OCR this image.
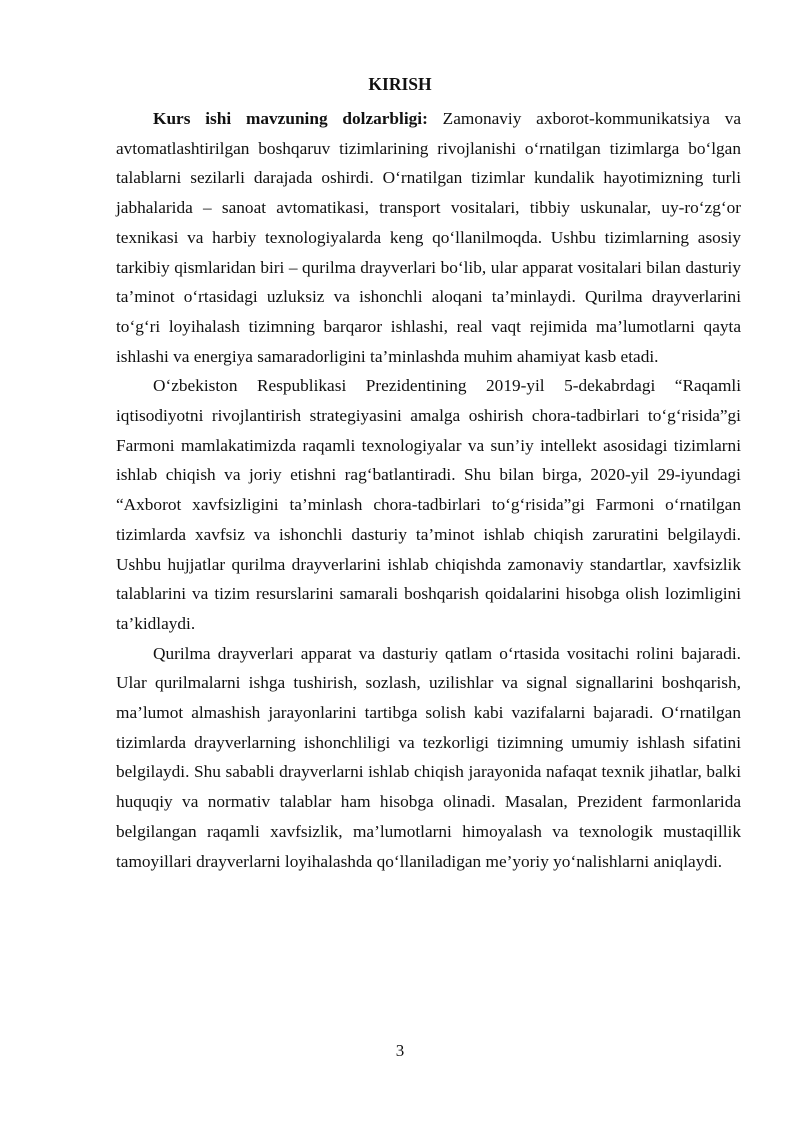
KIRISH

Kurs ishi mavzuning dolzarbligi: Zamonaviy axborot-kommunikatsiya va avtomatlashtirilgan boshqaruv tizimlarining rivojlanishi o‘rnatilgan tizimlarga bo‘lgan talablarni sezilarli darajada oshirdi. O‘rnatilgan tizimlar kundalik hayotimizning turli jabhalarida – sanoat avtomatikasi, transport vositalari, tibbiy uskunalar, uy-ro‘zg‘or texnikasi va harbiy texnologiyalarda keng qo‘llanilmoqda. Ushbu tizimlarning asosiy tarkibiy qismlaridan biri – qurilma drayverlari bo‘lib, ular apparat vositalari bilan dasturiy ta’minot o‘rtasidagi uzluksiz va ishonchli aloqani ta’minlaydi. Qurilma drayverlarini to‘g‘ri loyihalash tizimning barqaror ishlashi, real vaqt rejimida ma’lumotlarni qayta ishlashi va energiya samaradorligini ta’minlashda muhim ahamiyat kasb etadi.

O‘zbekiston Respublikasi Prezidentining 2019-yil 5-dekabrdagi “Raqamli iqtisodiyotni rivojlantirish strategiyasini amalga oshirish chora-tadbirlari to‘g‘risida”gi Farmoni mamlakatimizda raqamli texnologiyalar va sun’iy intellekt asosidagi tizimlarni ishlab chiqish va joriy etishni rag‘batlantiradi. Shu bilan birga, 2020-yil 29-iyundagi “Axborot xavfsizligini ta’minlash chora-tadbirlari to‘g‘risida”gi Farmoni o‘rnatilgan tizimlarda xavfsiz va ishonchli dasturiy ta’minot ishlab chiqish zaruratini belgilaydi. Ushbu hujjatlar qurilma drayverlarini ishlab chiqishda zamonaviy standartlar, xavfsizlik talablarini va tizim resurslarini samarali boshqarish qoidalarini hisobga olish lozimligini ta’kidlaydi.

Qurilma drayverlari apparat va dasturiy qatlam o‘rtasida vositachi rolini bajaradi. Ular qurilmalarni ishga tushirish, sozlash, uzilishlar va signal signallarini boshqarish, ma’lumot almashish jarayonlarini tartibga solish kabi vazifalarni bajaradi. O‘rnatilgan tizimlarda drayverlarning ishonchliligi va tezkorligi tizimning umumiy ishlash sifatini belgilaydi. Shu sababli drayverlarni ishlab chiqish jarayonida nafaqat texnik jihatlar, balki huquqiy va normativ talablar ham hisobga olinadi. Masalan, Prezident farmonlarida belgilangan raqamli xavfsizlik, ma’lumotlarni himoyalash va texnologik mustaqillik tamoyillari drayverlarni loyihalashda qo‘llaniladigan me’yoriy yo‘nalishlarni aniqlaydi.

3
